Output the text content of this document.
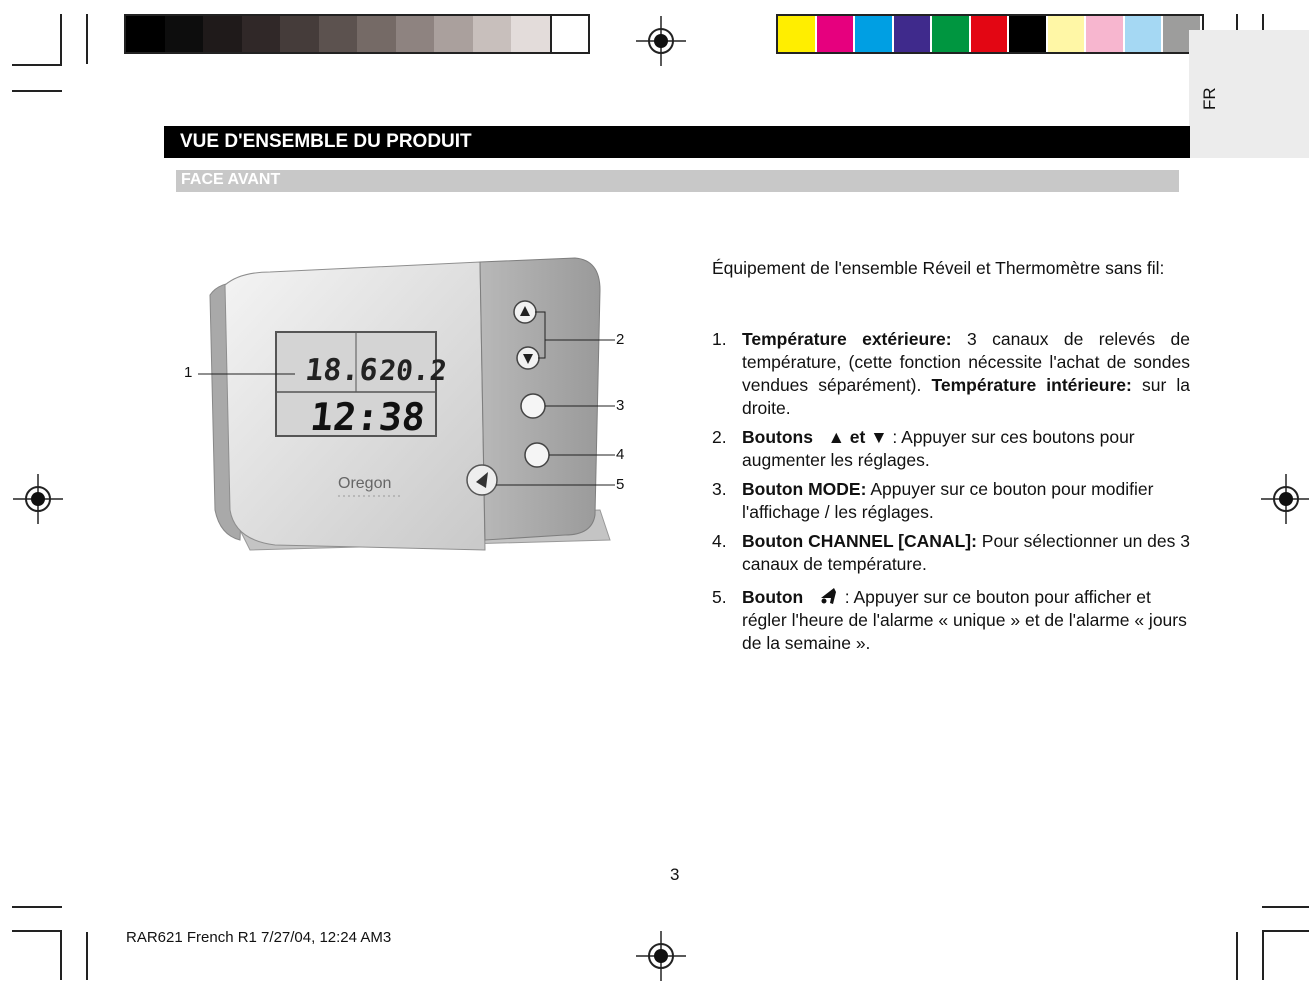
FR
VUE D'ENSEMBLE DU PRODUIT
FACE AVANT
18.6
20.2
12:38
Oregon
1
2
3
4
5
Équipement de l'ensemble Réveil et Thermomètre sans fil:
1. Température extérieure: 3 canaux de relevés de température, (cette fonction nécessite l'achat de sondes vendues séparément). Température intérieure: sur la droite.

2. Boutons ▲ et ▼ : Appuyer sur ces boutons pour augmenter les réglages.

3. Bouton MODE: Appuyer sur ce bouton pour modifier l'affichage / les réglages.

4. Bouton CHANNEL [CANAL]: Pour sélectionner un des 3 canaux de température.

5. Bouton    : Appuyer sur ce bouton pour afficher et régler l'heure de l'alarme « unique » et de l'alarme « jours de la semaine ».

3
RAR621 French R1 7/27/04, 12:24 AM3
